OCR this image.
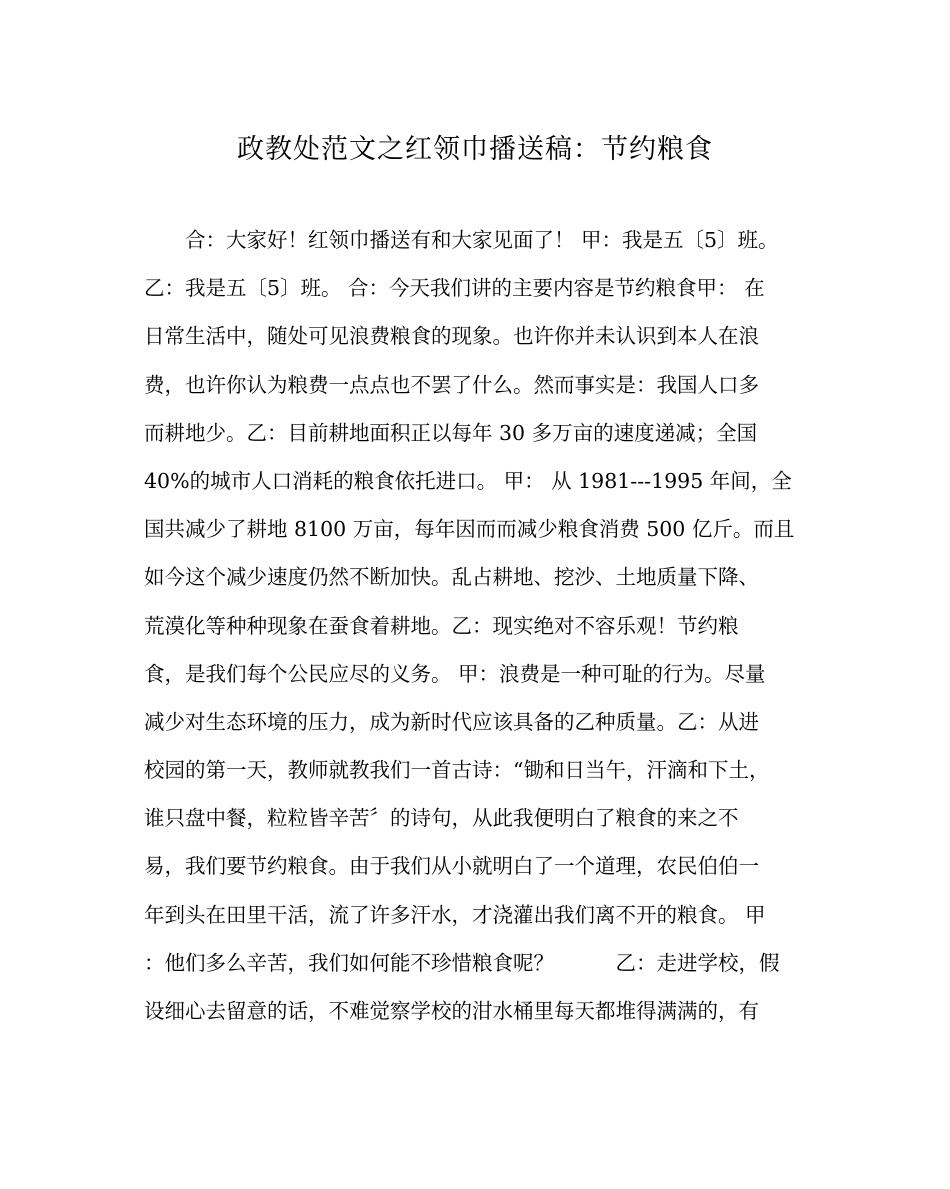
政教处范文之红领巾播送稿：节约粮食
　　合：大家好！红领巾播送有和大家见面了！ 甲：我是五〔5〕班。
乙：我是五〔5〕班。 合：今天我们讲的主要内容是节约粮食甲： 在
日常生活中，随处可见浪费粮食的现象。也许你并未认识到本人在浪
费，也许你认为粮费一点点也不罢了什么。然而事实是：我国人口多
而耕地少。乙：目前耕地面积正以每年 30 多万亩的速度递减；全国
40%的城市人口消耗的粮食依托进口。 甲： 从 1981---1995 年间，全
国共减少了耕地 8100 万亩，每年因而而减少粮食消费 500 亿斤。而且
如今这个减少速度仍然不断加快。乱占耕地、挖沙、土地质量下降、
荒漠化等种种现象在蚕食着耕地。乙：现实绝对不容乐观！节约粮
食，是我们每个公民应尽的义务。 甲：浪费是一种可耻的行为。尽量
减少对生态环境的压力，成为新时代应该具备的乙种质量。乙：从进
校园的第一天，教师就教我们一首古诗：“锄和日当午，汗滴和下土，
谁只盘中餐，粒粒皆辛苦〞的诗句，从此我便明白了粮食的来之不
易，我们要节约粮食。由于我们从小就明白了一个道理，农民伯伯一
年到头在田里干活，流了许多汗水，才浇灌出我们离不开的粮食。 甲
：他们多么辛苦，我们如何能不珍惜粮食呢？　　　乙：走进学校，假
设细心去留意的话，不难觉察学校的泔水桶里每天都堆得满满的，有
